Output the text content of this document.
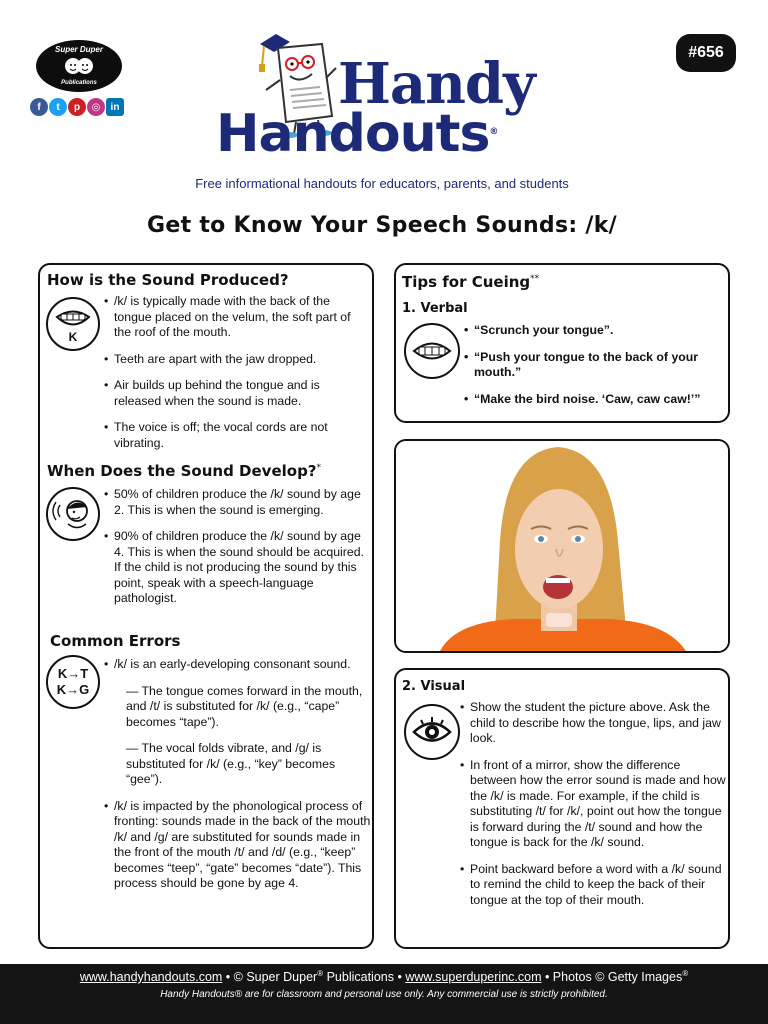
Super Duper
Publications
f	t	p	◎	in	Handy
Handouts®
#656
Free informational handouts for educators, parents, and students
Get to Know Your Speech Sounds: /k/
How is the Sound Produced?
K
• /k/ is typically made with the back of the tongue placed on the velum, the soft part of the roof of the mouth.
• Teeth are apart with the jaw dropped.
• Air builds up behind the tongue and is released when the sound is made.
• The voice is off; the vocal cords are not vibrating.
When Does the Sound Develop?*
• 50% of children produce the /k/ sound by age 2. This is when the sound is emerging.
• 90% of children produce the /k/ sound by age 4. This is when the sound should be acquired. If the child is not producing the sound by this point, speak with a speech-language pathologist.
Common Errors
K→T
K→G
• /k/ is an early-developing consonant sound.
— The tongue comes forward in the mouth, and /t/ is substituted for /k/ (e.g., “cape” becomes “tape”).
— The vocal folds vibrate, and /g/ is substituted for /k/ (e.g., “key” becomes “gee”).
• /k/ is impacted by the phonological process of fronting: sounds made in the back of the mouth /k/ and /g/ are substituted for sounds made in the front of the mouth /t/ and /d/ (e.g., “keep” becomes “teep”, “gate” becomes “date”). This process should be gone by age 4.
Tips for Cueing**
1. Verbal
• “Scrunch your tongue”.
• “Push your tongue to the back of your mouth.”
• “Make the bird noise. ‘Caw, caw caw!’”
2. Visual
• Show the student the picture above. Ask the child to describe how the tongue, lips, and jaw look.
• In front of a mirror, show the difference between how the error sound is made and how the /k/ is made. For example, if the child is substituting /t/ for /k/, point out how the tongue is forward during the /t/ sound and how the tongue is back for the /k/ sound.
• Point backward before a word with a /k/ sound to remind the child to keep the back of their tongue at the top of their mouth.
www.handyhandouts.com • © Super Duper® Publications • www.superduperinc.com • Photos © Getty Images®
Handy Handouts® are for classroom and personal use only. Any commercial use is strictly prohibited.
